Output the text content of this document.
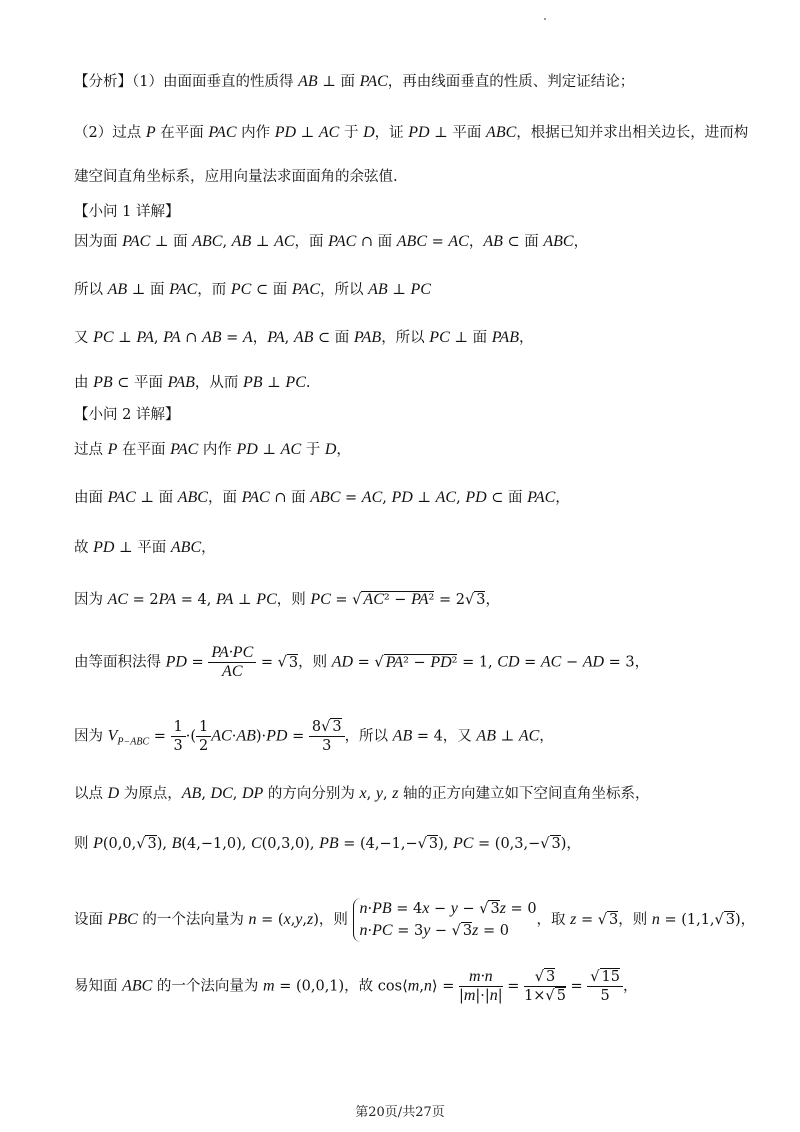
【分析】（1）由面面垂直的性质得 AB ⊥ 面 PAC，再由线面垂直的性质、判定证结论；
（2）过点 P 在平面 PAC 内作 PD ⊥ AC 于 D，证 PD ⊥ 平面 ABC，根据已知并求出相关边长，进而构
建空间直角坐标系，应用向量法求面面角的余弦值.
【小问 1 详解】
因为面 PAC ⊥ 面 ABC, AB ⊥ AC，面 PAC ∩ 面 ABC = AC，AB ⊂ 面 ABC，
所以 AB ⊥ 面 PAC，而 PC ⊂ 面 PAC，所以 AB ⊥ PC
又 PC ⊥ PA, PA ∩ AB = A，PA, AB ⊂ 面 PAB，所以 PC ⊥ 面 PAB，
由 PB ⊂ 平面 PAB，从而 PB ⊥ PC.
【小问 2 详解】
过点 P 在平面 PAC 内作 PD ⊥ AC 于 D，
由面 PAC ⊥ 面 ABC，面 PAC ∩ 面 ABC = AC, PD ⊥ AC, PD ⊂ 面 PAC，
故 PD ⊥ 平面 ABC，
因为 AC = 2PA = 4, PA ⊥ PC，则 PC = √ AC² − PA² = 2√ 3，
由等面积法得 PD = $\frac{PA\cdot PC}{AC}$ = √ 3，则 AD = √ PA² − PD² = 1, CD = AC − AD = 3，
因为 $V_{P-ABC} = \frac{1}{3}$ ·( $\frac{1}{2} AC\cdot AB)\cdot PD = \frac{8√ 3}{3}$ ，所以 AB = 4，又 AB ⊥ AC，
以点 D 为原点，AB, DC, DP 的方向分别为 x, y, z 轴的正方向建立如下空间直角坐标系，
则 P(0,0,√ 3), B(4,−1,0), C(0,3,0), PB = (4,−1,−√ 3), PC = (0,3,−√ 3)，
设面 PBC 的一个法向量为 n = (x,y,z)，则 n·PB = 4x − y − √ 3z = 0
n·PC = 3y − √ 3z = 0，取 z = √ 3，则 n = (1,1,√ 3)，
易知面 ABC 的一个法向量为 m = (0,0,1)，故 cos⟨m,n⟩ = $\frac{m\cdot n}{|m|\cdot|n|} = \frac{√ 3}{1\times√ 5} = \frac{√ 15}{5}$ ，
第20页/共27页
